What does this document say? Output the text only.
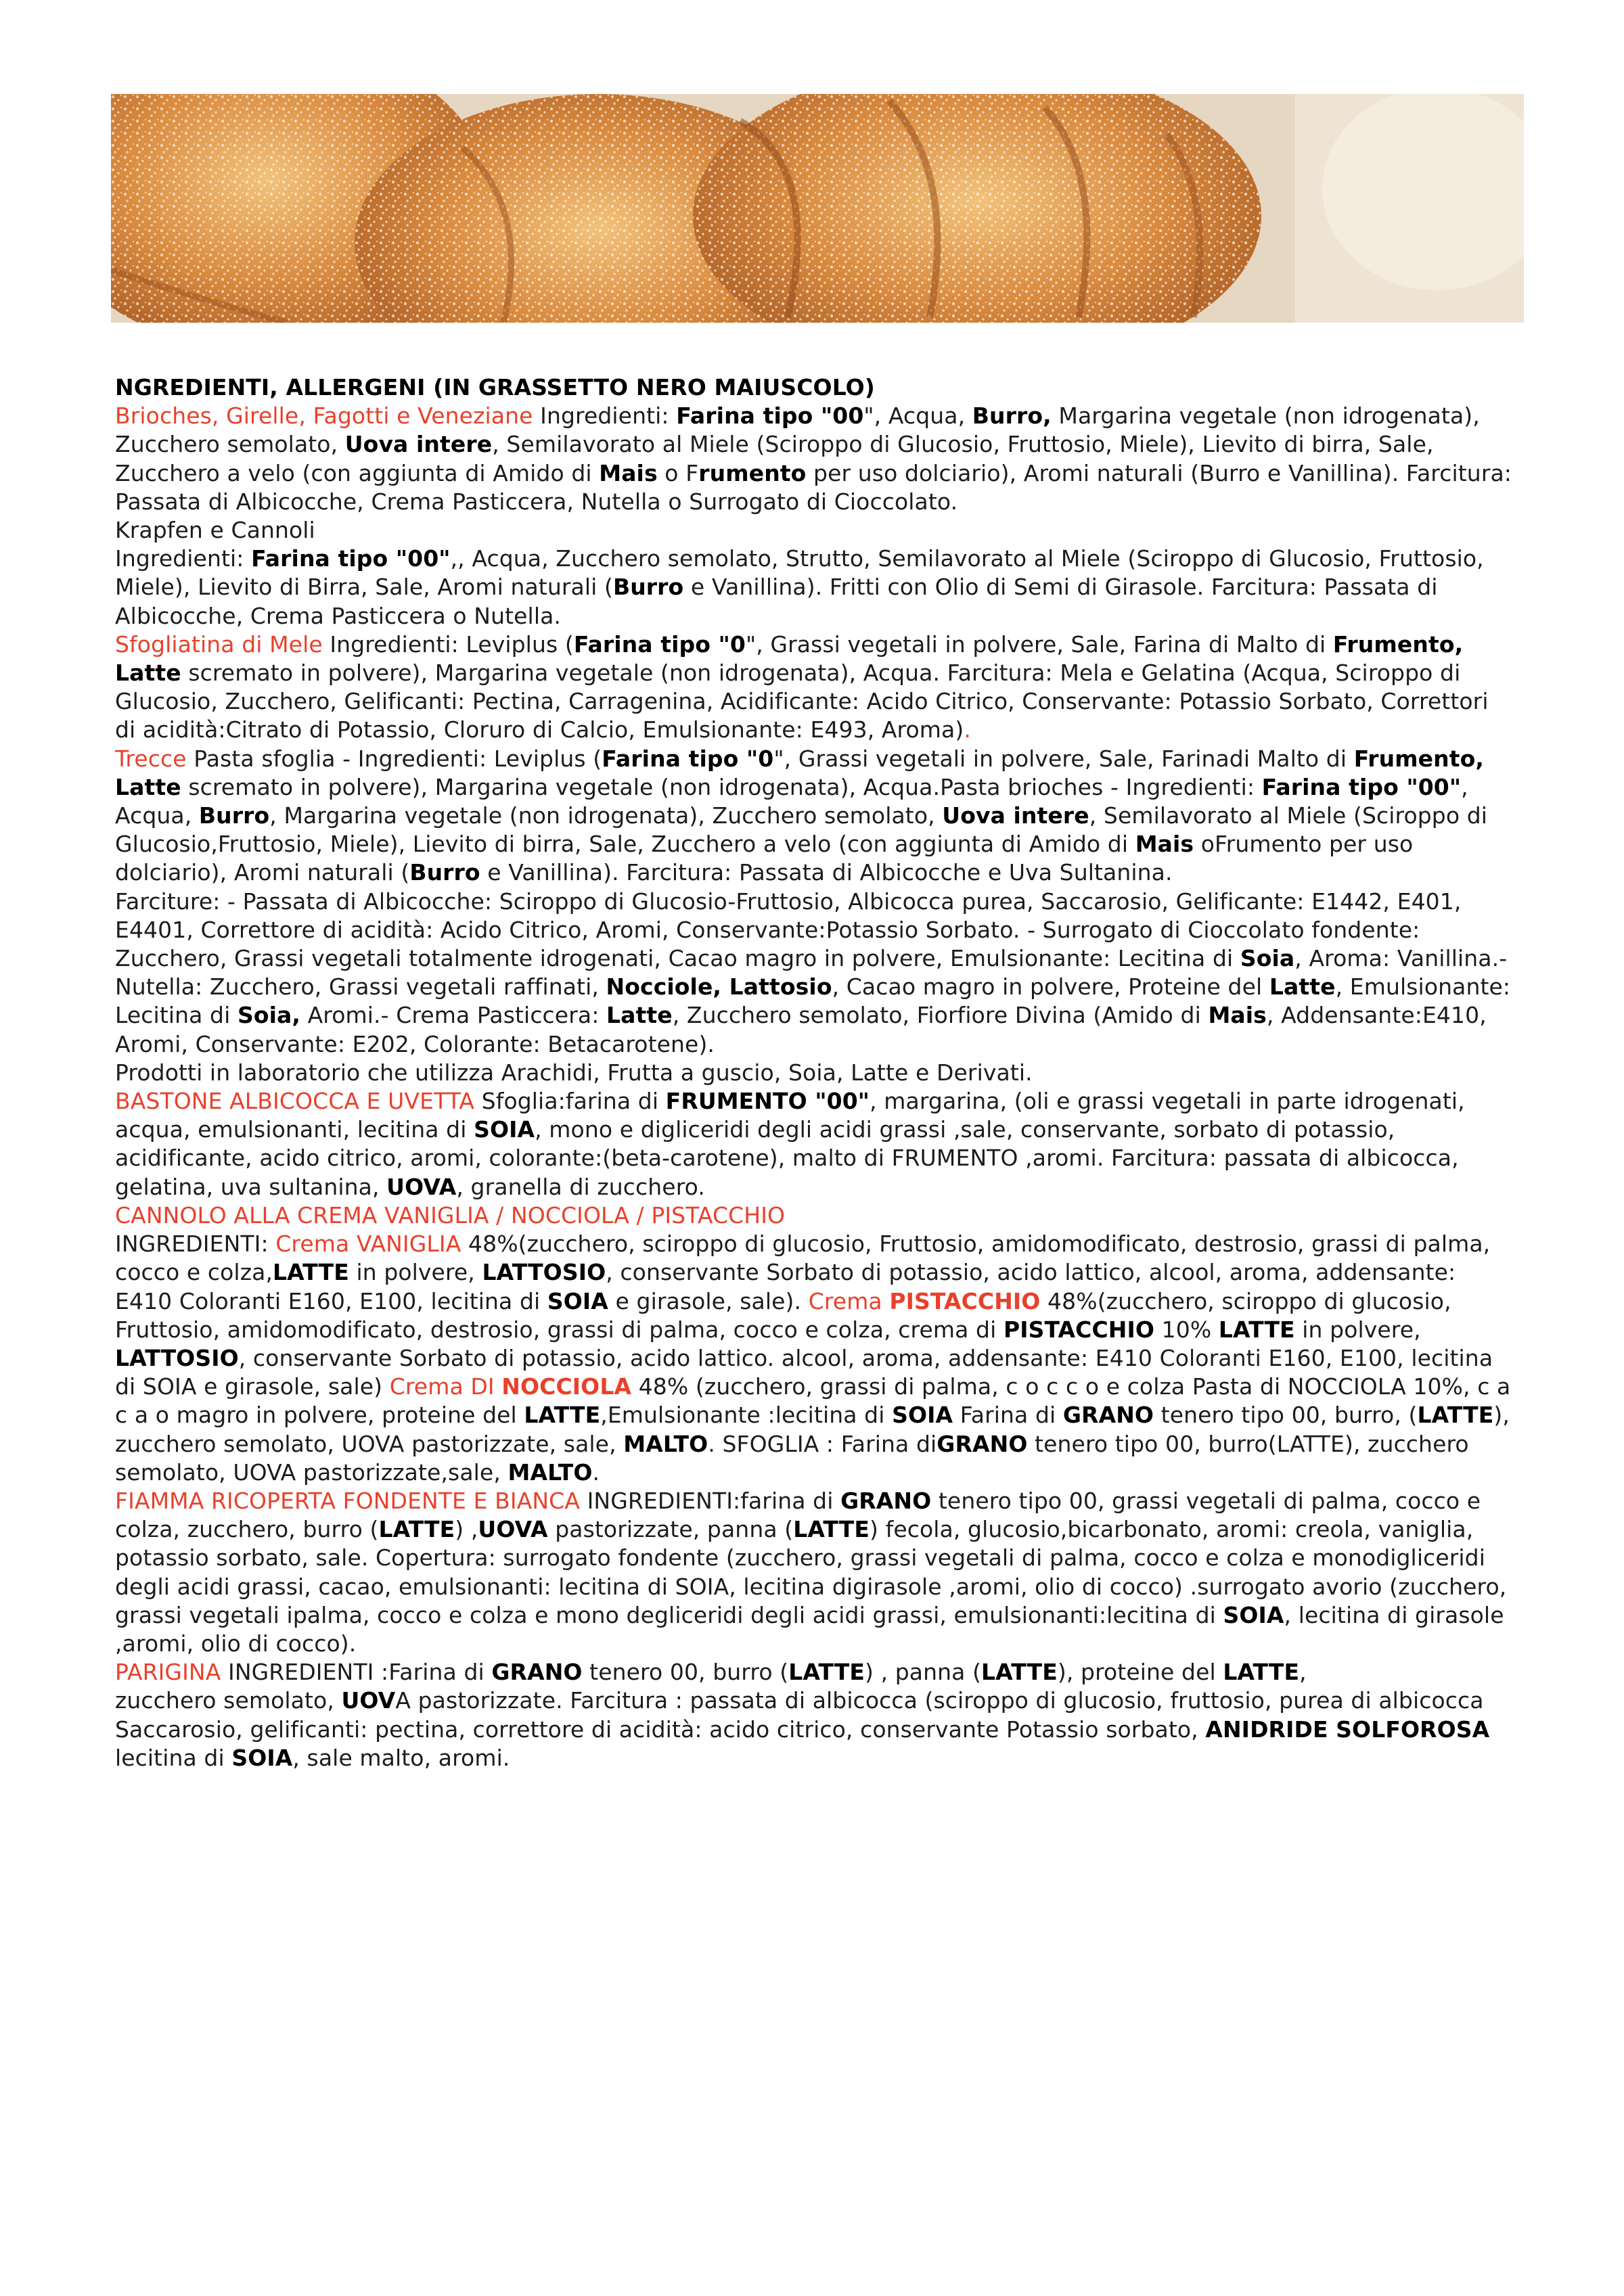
NGREDIENTI, ALLERGENI (IN GRASSETTO NERO MAIUSCOLO)

Brioches, Girelle, Fagotti e Veneziane Ingredienti: Farina tipo "00", Acqua, Burro, Margarina vegetale (non idrogenata), Zucchero semolato, Uova intere, Semilavorato al Miele (Sciroppo di Glucosio, Fruttosio, Miele), Lievito di birra, Sale, Zucchero a velo (con aggiunta di Amido di Mais o Frumento per uso dolciario), Aromi naturali (Burro e Vanillina). Farcitura: Passata di Albicocche, Crema Pasticcera, Nutella o Surrogato di Cioccolato.

Krapfen e Cannoli

Ingredienti: Farina tipo "00",, Acqua, Zucchero semolato, Strutto, Semilavorato al Miele (Sciroppo di Glucosio, Fruttosio, Miele), Lievito di Birra, Sale, Aromi naturali (Burro e Vanillina). Fritti con Olio di Semi di Girasole. Farcitura: Passata di Albicocche, Crema Pasticcera o Nutella.

Sfogliatina di Mele Ingredienti: Leviplus (Farina tipo "0", Grassi vegetali in polvere, Sale, Farina di Malto di Frumento, Latte scremato in polvere), Margarina vegetale (non idrogenata), Acqua. Farcitura: Mela e Gelatina (Acqua, Sciroppo di Glucosio, Zucchero, Gelificanti: Pectina, Carragenina, Acidificante: Acido Citrico, Conservante: Potassio Sorbato, Correttori di acidità:Citrato di Potassio, Cloruro di Calcio, Emulsionante: E493, Aroma).

Trecce Pasta sfoglia - Ingredienti: Leviplus (Farina tipo "0", Grassi vegetali in polvere, Sale, Farinadi Malto di Frumento, Latte scremato in polvere), Margarina vegetale (non idrogenata), Acqua.Pasta brioches - Ingredienti: Farina tipo "00", Acqua, Burro, Margarina vegetale (non idrogenata), Zucchero semolato, Uova intere, Semilavorato al Miele (Sciroppo di Glucosio,Fruttosio, Miele), Lievito di birra, Sale, Zucchero a velo (con aggiunta di Amido di Mais oFrumento per uso dolciario), Aromi naturali (Burro e Vanillina). Farcitura: Passata di Albicocche e Uva Sultanina.

Farciture: - Passata di Albicocche: Sciroppo di Glucosio-Fruttosio, Albicocca purea, Saccarosio, Gelificante: E1442, E401, E4401, Correttore di acidità: Acido Citrico, Aromi, Conservante:Potassio Sorbato. - Surrogato di Cioccolato fondente: Zucchero, Grassi vegetali totalmente idrogenati, Cacao magro in polvere, Emulsionante: Lecitina di Soia, Aroma: Vanillina.- Nutella: Zucchero, Grassi vegetali raffinati, Nocciole, Lattosio, Cacao magro in polvere, Proteine del Latte, Emulsionante: Lecitina di Soia, Aromi.- Crema Pasticcera: Latte, Zucchero semolato, Fiorfiore Divina (Amido di Mais, Addensante:E410, Aromi, Conservante: E202, Colorante: Betacarotene).

Prodotti in laboratorio che utilizza Arachidi, Frutta a guscio, Soia, Latte e Derivati.

BASTONE ALBICOCCA E UVETTA Sfoglia:farina di FRUMENTO "00", margarina, (oli e grassi vegetali in parte idrogenati, acqua, emulsionanti, lecitina di SOIA, mono e digliceridi degli acidi grassi ,sale, conservante, sorbato di potassio, acidificante, acido citrico, aromi, colorante:(beta-carotene), malto di FRUMENTO ,aromi. Farcitura: passata di albicocca, gelatina, uva sultanina, UOVA, granella di zucchero.

CANNOLO ALLA CREMA VANIGLIA / NOCCIOLA / PISTACCHIO

INGREDIENTI: Crema VANIGLIA 48%(zucchero, sciroppo di glucosio, Fruttosio, amidomodificato, destrosio, grassi di palma, cocco e colza,LATTE in polvere, LATTOSIO, conservante Sorbato di potassio, acido lattico, alcool, aroma, addensante: E410 Coloranti E160, E100, lecitina di SOIA e girasole, sale). Crema PISTACCHIO 48%(zucchero, sciroppo di glucosio, Fruttosio, amidomodificato, destrosio, grassi di palma, cocco e colza, crema di PISTACCHIO 10% LATTE in polvere, LATTOSIO, conservante Sorbato di potassio, acido lattico. alcool, aroma, addensante: E410 Coloranti E160, E100, lecitina di SOIA e girasole, sale) Crema DI NOCCIOLA 48% (zucchero, grassi di palma, c o c c o e colza Pasta di NOCCIOLA 10%, c a c a o magro in polvere, proteine del LATTE,Emulsionante :lecitina di SOIA Farina di GRANO tenero tipo 00, burro, (LATTE), zucchero semolato, UOVA pastorizzate, sale, MALTO. SFOGLIA : Farina diGRANO tenero tipo 00, burro(LATTE), zucchero semolato, UOVA pastorizzate,sale, MALTO.

FIAMMA RICOPERTA FONDENTE E BIANCA INGREDIENTI:farina di GRANO tenero tipo 00, grassi vegetali di palma, cocco e colza, zucchero, burro (LATTE) ,UOVA pastorizzate, panna (LATTE) fecola, glucosio,bicarbonato, aromi: creola, vaniglia, potassio sorbato, sale. Copertura: surrogato fondente (zucchero, grassi vegetali di palma, cocco e colza e monodigliceridi degli acidi grassi, cacao, emulsionanti: lecitina di SOIA, lecitina digirasole ,aromi, olio di cocco) .surrogato avorio (zucchero, grassi vegetali ipalma, cocco e colza e mono degliceridi degli acidi grassi, emulsionanti:lecitina di SOIA, lecitina di girasole ,aromi, olio di cocco).

PARIGINA INGREDIENTI :Farina di GRANO tenero 00, burro (LATTE) , panna (LATTE), proteine del LATTE,

zucchero semolato, UOVA pastorizzate. Farcitura : passata di albicocca (sciroppo di glucosio, fruttosio, purea di albicocca Saccarosio, gelificanti: pectina, correttore di acidità: acido citrico, conservante Potassio sorbato, ANIDRIDE SOLFOROSA lecitina di SOIA, sale malto, aromi.
